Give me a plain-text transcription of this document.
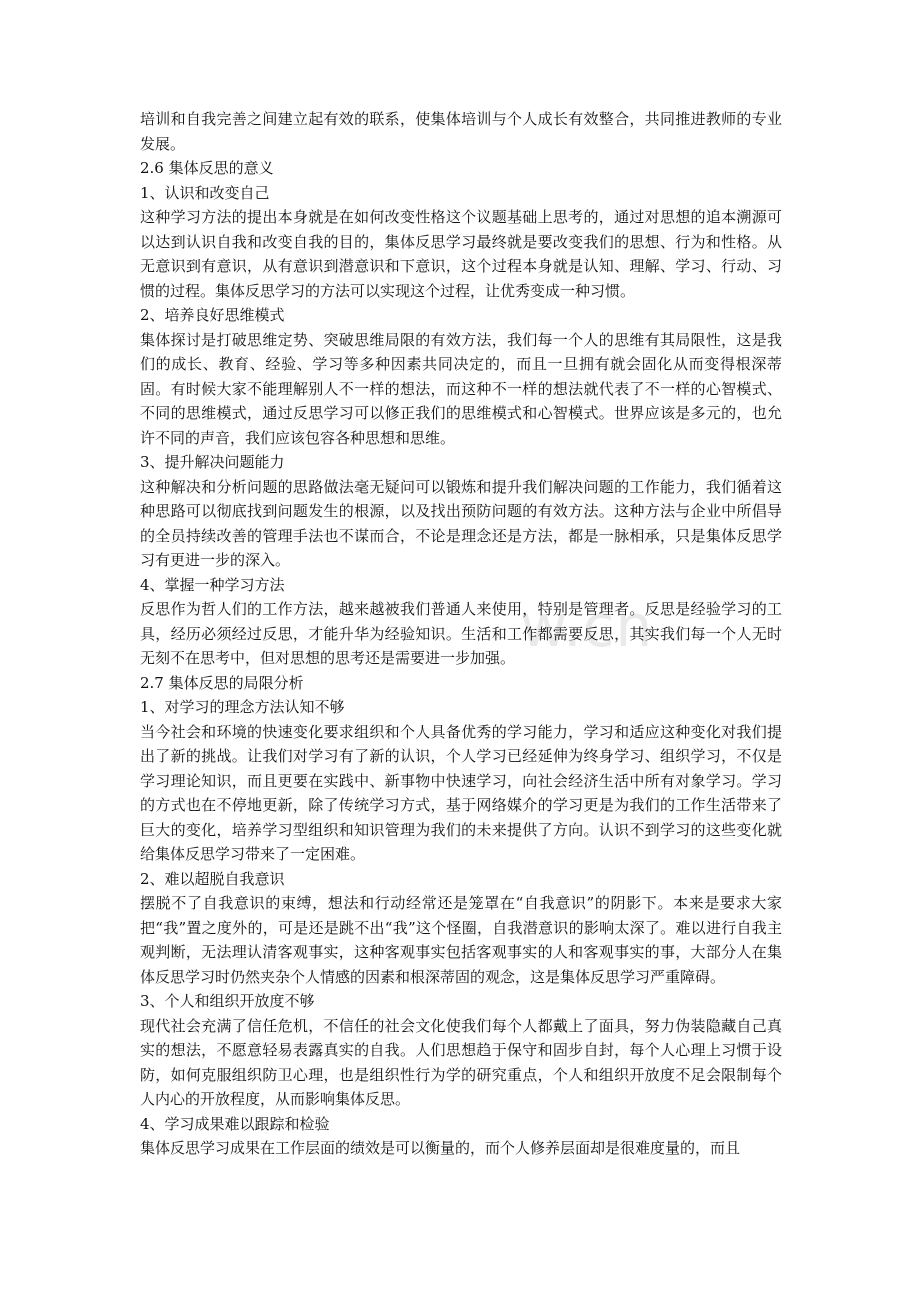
w.cn

培训和自我完善之间建立起有效的联系，使集体培训与个人成长有效整合，共同推进教师的专业发展。

2.6 集体反思的意义

1、认识和改变自己

这种学习方法的提出本身就是在如何改变性格这个议题基础上思考的，通过对思想的追本溯源可以达到认识自我和改变自我的目的，集体反思学习最终就是要改变我们的思想、行为和性格。从无意识到有意识，从有意识到潜意识和下意识，这个过程本身就是认知、理解、学习、行动、习惯的过程。集体反思学习的方法可以实现这个过程，让优秀变成一种习惯。

2、培养良好思维模式

集体探讨是打破思维定势、突破思维局限的有效方法，我们每一个人的思维有其局限性，这是我们的成长、教育、经验、学习等多种因素共同决定的，而且一旦拥有就会固化从而变得根深蒂固。有时候大家不能理解别人不一样的想法，而这种不一样的想法就代表了不一样的心智模式、不同的思维模式，通过反思学习可以修正我们的思维模式和心智模式。世界应该是多元的，也允许不同的声音，我们应该包容各种思想和思维。

3、提升解决问题能力

这种解决和分析问题的思路做法毫无疑问可以锻炼和提升我们解决问题的工作能力，我们循着这种思路可以彻底找到问题发生的根源，以及找出预防问题的有效方法。这种方法与企业中所倡导的全员持续改善的管理手法也不谋而合，不论是理念还是方法，都是一脉相承，只是集体反思学习有更进一步的深入。

4、掌握一种学习方法

反思作为哲人们的工作方法，越来越被我们普通人来使用，特别是管理者。反思是经验学习的工具，经历必须经过反思，才能升华为经验知识。生活和工作都需要反思，其实我们每一个人无时无刻不在思考中，但对思想的思考还是需要进一步加强。

2.7 集体反思的局限分析

1、对学习的理念方法认知不够

当今社会和环境的快速变化要求组织和个人具备优秀的学习能力，学习和适应这种变化对我们提出了新的挑战。让我们对学习有了新的认识，个人学习已经延伸为终身学习、组织学习，不仅是学习理论知识，而且更要在实践中、新事物中快速学习，向社会经济生活中所有对象学习。学习的方式也在不停地更新，除了传统学习方式，基于网络媒介的学习更是为我们的工作生活带来了巨大的变化，培养学习型组织和知识管理为我们的未来提供了方向。认识不到学习的这些变化就给集体反思学习带来了一定困难。

2、难以超脱自我意识

摆脱不了自我意识的束缚，想法和行动经常还是笼罩在“自我意识”的阴影下。本来是要求大家把“我”置之度外的，可是还是跳不出“我”这个怪圈，自我潜意识的影响太深了。难以进行自我主观判断，无法理认清客观事实，这种客观事实包括客观事实的人和客观事实的事，大部分人在集体反思学习时仍然夹杂个人情感的因素和根深蒂固的观念，这是集体反思学习严重障碍。

3、个人和组织开放度不够

现代社会充满了信任危机，不信任的社会文化使我们每个人都戴上了面具，努力伪装隐藏自己真实的想法，不愿意轻易表露真实的自我。人们思想趋于保守和固步自封，每个人心理上习惯于设防，如何克服组织防卫心理，也是组织性行为学的研究重点，个人和组织开放度不足会限制每个人内心的开放程度，从而影响集体反思。

4、学习成果难以跟踪和检验

集体反思学习成果在工作层面的绩效是可以衡量的，而个人修养层面却是很难度量的，而且
